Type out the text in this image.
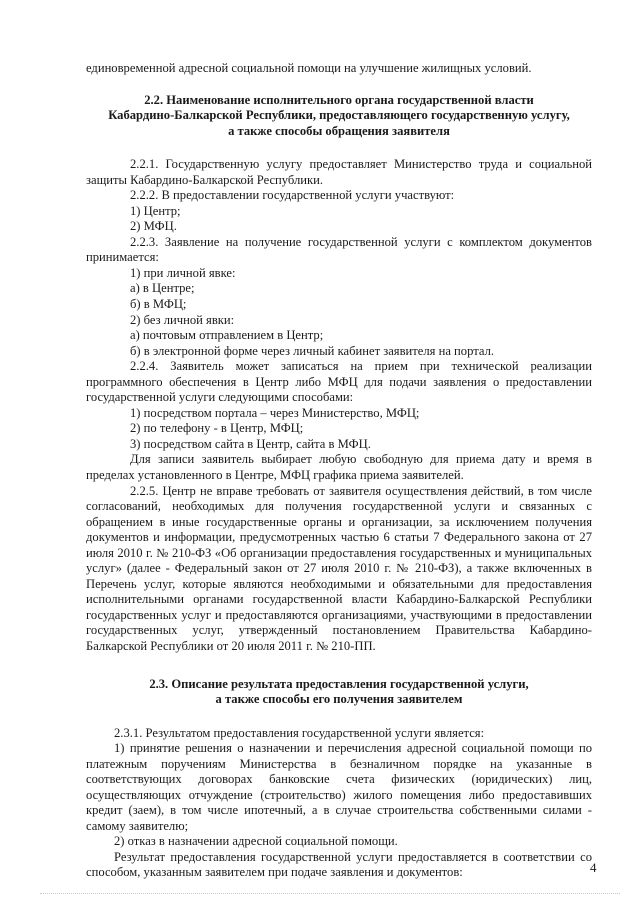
единовременной адресной социальной помощи на улучшение жилищных условий.

2.2. Наименование исполнительного органа государственной власти
Кабардино-Балкарской Республики, предоставляющего государственную услугу,
а также способы обращения заявителя

2.2.1. Государственную услугу предоставляет Министерство труда и социальной защиты Кабардино-Балкарской Республики.

2.2.2. В предоставлении государственной услуги участвуют:

1) Центр;

2) МФЦ.

2.2.3. Заявление на получение государственной услуги с комплектом документов принимается:

1) при личной явке:

а) в Центре;

б) в МФЦ;

2) без личной явки:

а) почтовым отправлением в Центр;

б) в электронной форме через личный кабинет заявителя на портал.

2.2.4. Заявитель может записаться на прием при технической реализации программного обеспечения в Центр либо МФЦ для подачи заявления о предоставлении государственной услуги следующими способами:

1) посредством портала – через Министерство, МФЦ;

2) по телефону - в Центр, МФЦ;

3) посредством сайта в Центр, сайта в МФЦ.

Для записи заявитель выбирает любую свободную для приема дату и время в пределах установленного в Центре, МФЦ графика приема заявителей.

2.2.5. Центр не вправе требовать от заявителя осуществления действий, в том числе согласований, необходимых для получения государственной услуги и связанных с обращением в иные государственные органы и организации, за исключением получения документов и информации, предусмотренных частью 6 статьи 7 Федерального закона от 27 июля 2010 г. № 210-ФЗ «Об организации предоставления государственных и муниципальных услуг» (далее - Федеральный закон от 27 июля 2010 г. № 210-ФЗ), а также включенных в Перечень услуг, которые являются необходимыми и обязательными для предоставления исполнительными органами государственной власти Кабардино-Балкарской Республики государственных услуг и предоставляются организациями, участвующими в предоставлении государственных услуг, утвержденный постановлением Правительства Кабардино-Балкарской Республики от 20 июля 2011 г. № 210-ПП.

2.3. Описание результата предоставления государственной услуги,
а также способы его получения заявителем

2.3.1. Результатом предоставления государственной услуги является:

1) принятие решения о назначении и перечисления адресной социальной помощи по платежным поручениям Министерства в безналичном порядке на указанные в соответствующих договорах банковские счета физических (юридических) лиц, осуществляющих отчуждение (строительство) жилого помещения либо предоставивших кредит (заем), в том числе ипотечный, а в случае строительства собственными силами - самому заявителю;

2) отказ в назначении адресной социальной помощи.

Результат предоставления государственной услуги предоставляется в соответствии со способом, указанным заявителем при подаче заявления и документов:	4
